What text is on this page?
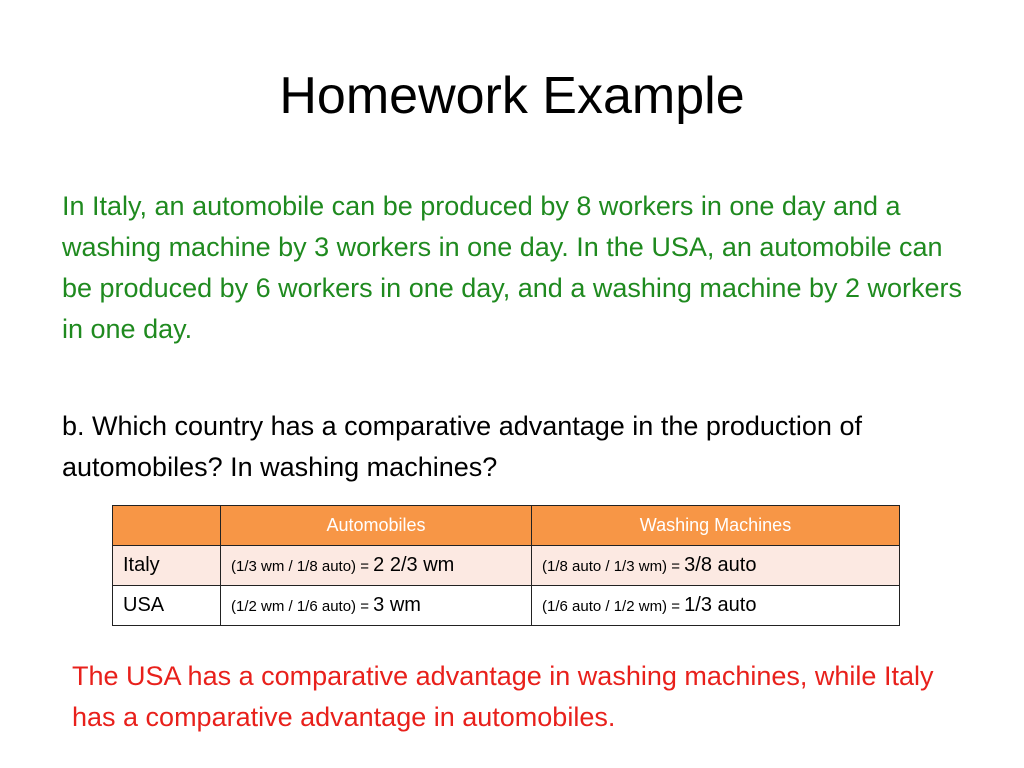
Homework Example

In Italy, an automobile can be produced by 8 workers in one day and a washing machine by 3 workers in one day. In the USA, an automobile can be produced by 6 workers in one day, and a washing machine by 2 workers in one day.

b. Which country has a comparative advantage in the production of automobiles? In washing machines?

	Automobiles	Washing Machines
Italy	(1/3 wm / 1/8 auto) = 2 2/3 wm	(1/8 auto / 1/3 wm) = 3/8 auto
USA	(1/2 wm / 1/6 auto) = 3 wm	(1/6 auto / 1/2 wm) = 1/3 auto

The USA has a comparative advantage in washing machines, while Italy has a comparative advantage in automobiles.
